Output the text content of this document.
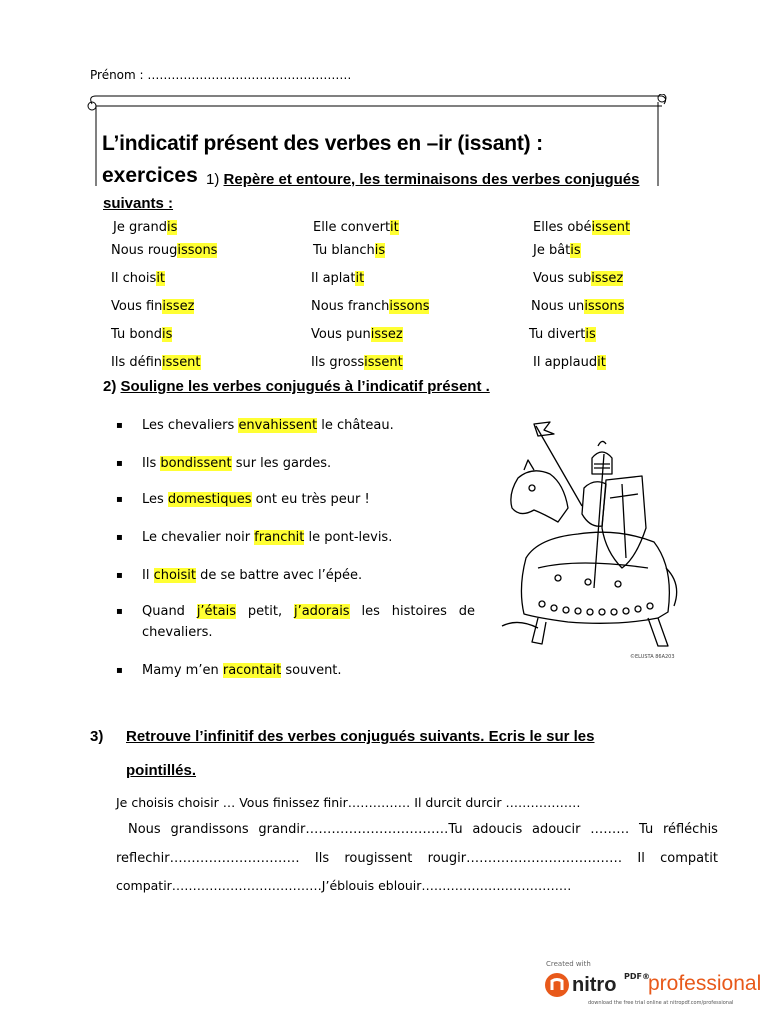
Prénom : ……………………………………………
L’indicatif présent des verbes en –ir (issant) :
exercices 1) Repère et entoure, les terminaisons des verbes conjugués
suivants :
Je grandis	Elle convertit	Elles obéissent
Nous rougissons	Tu blanchis	Je bâtis
Il choisit	Il aplatit	Vous subissez
Vous finissez	Nous franchissons	Nous unissons
Tu bondis	Vous punissez	Tu divertis
Ils définissent	Ils grossissent	Il applaudit
2) Souligne les verbes conjugués à l’indicatif présent .
▪ Les chevaliers envahissent le château.
▪ Ils bondissent sur les gardes.
▪ Les domestiques ont eu très peur !
▪ Le chevalier noir franchit le pont-levis.
▪ Il choisit de se battre avec l’épée.
▪ Quand j’étais petit, j’adorais les histoires de
chevaliers.
▪ Mamy m’en racontait souvent.
©ELUSTA 86A203
3) Retrouve l’infinitif des verbes conjugués suivants. Ecris le sur les
pointillés.
Je choisis choisir … Vous finissez finir…………… Il durcit durcir ………………
Nous grandissons grandir……………………………Tu adoucis adoucir ……… Tu réfléchis
reflechir………………………… Ils rougissent rougir……………………………… Il compatit
compatir………………………………J’éblouis eblouir………………………………
Created with
nitro PDF®
professional
download the free trial online at nitropdf.com/professional
